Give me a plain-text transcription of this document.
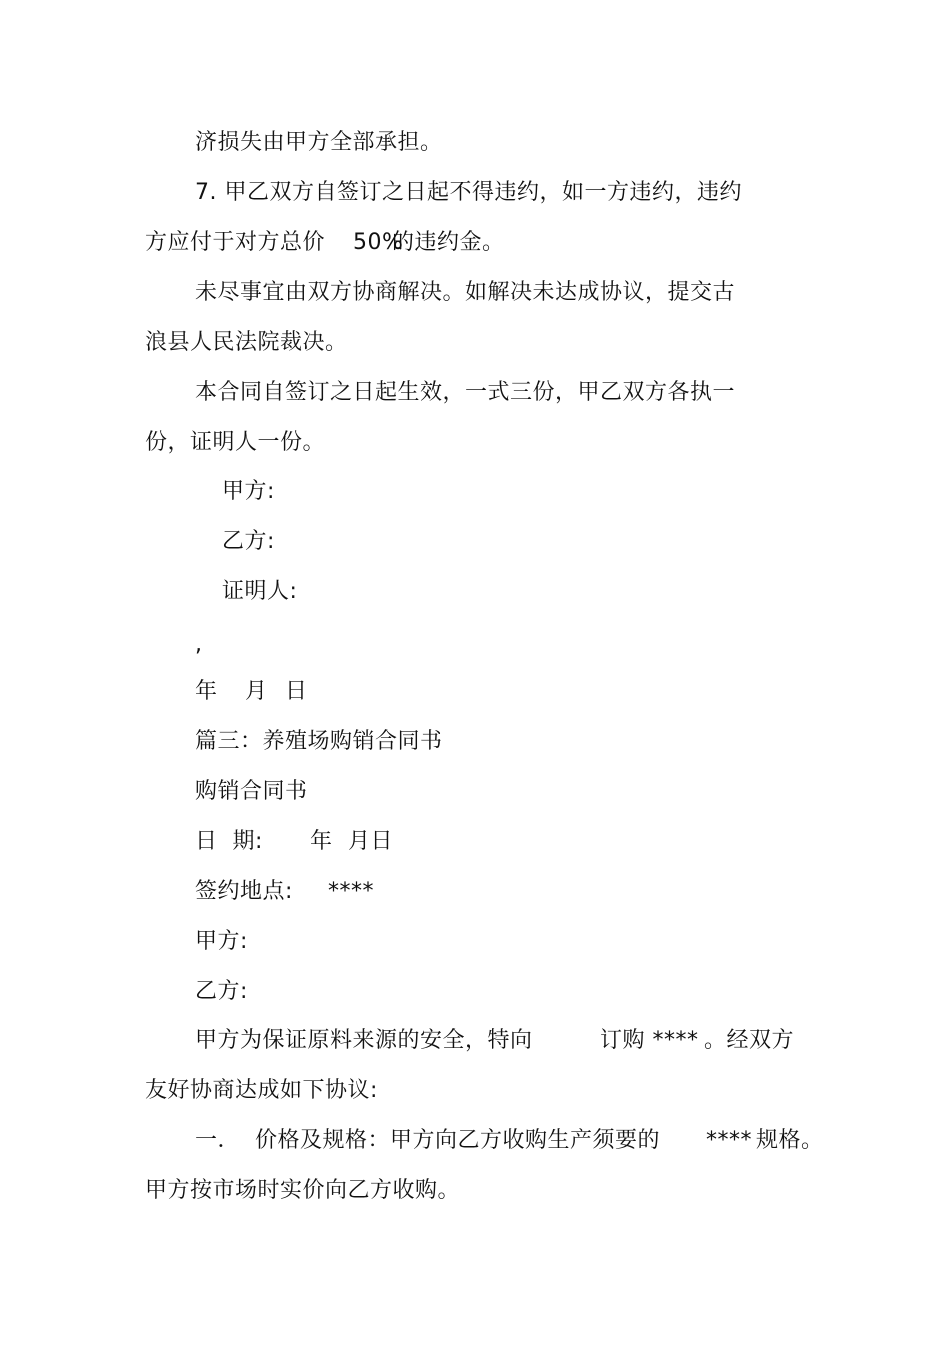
济损失由甲方全部承担。
7. 甲乙双方自签订之日起不得违约，如一方违约，违约
方应付于对方总价 50%
的违约金。
未尽事宜由双方协商解决。如解决未达成协议，提交古
浪县人民法院裁决。
本合同自签订之日起生效，一式三份，甲乙双方各执一
份，证明人一份。
甲方:
乙方:
证明人:
,
年 月 日
篇三：养殖场购销合同书
购销合同书
日  期: 年 月日
签约地点: ****
甲方:
乙方:
甲方为保证原料来源的安全，特向	订购 **** 。经双方
友好协商达成如下协议:
一．  价格及规格：甲方向乙方收购生产须要的 **** 规格。
甲方按市场时实价向乙方收购。
